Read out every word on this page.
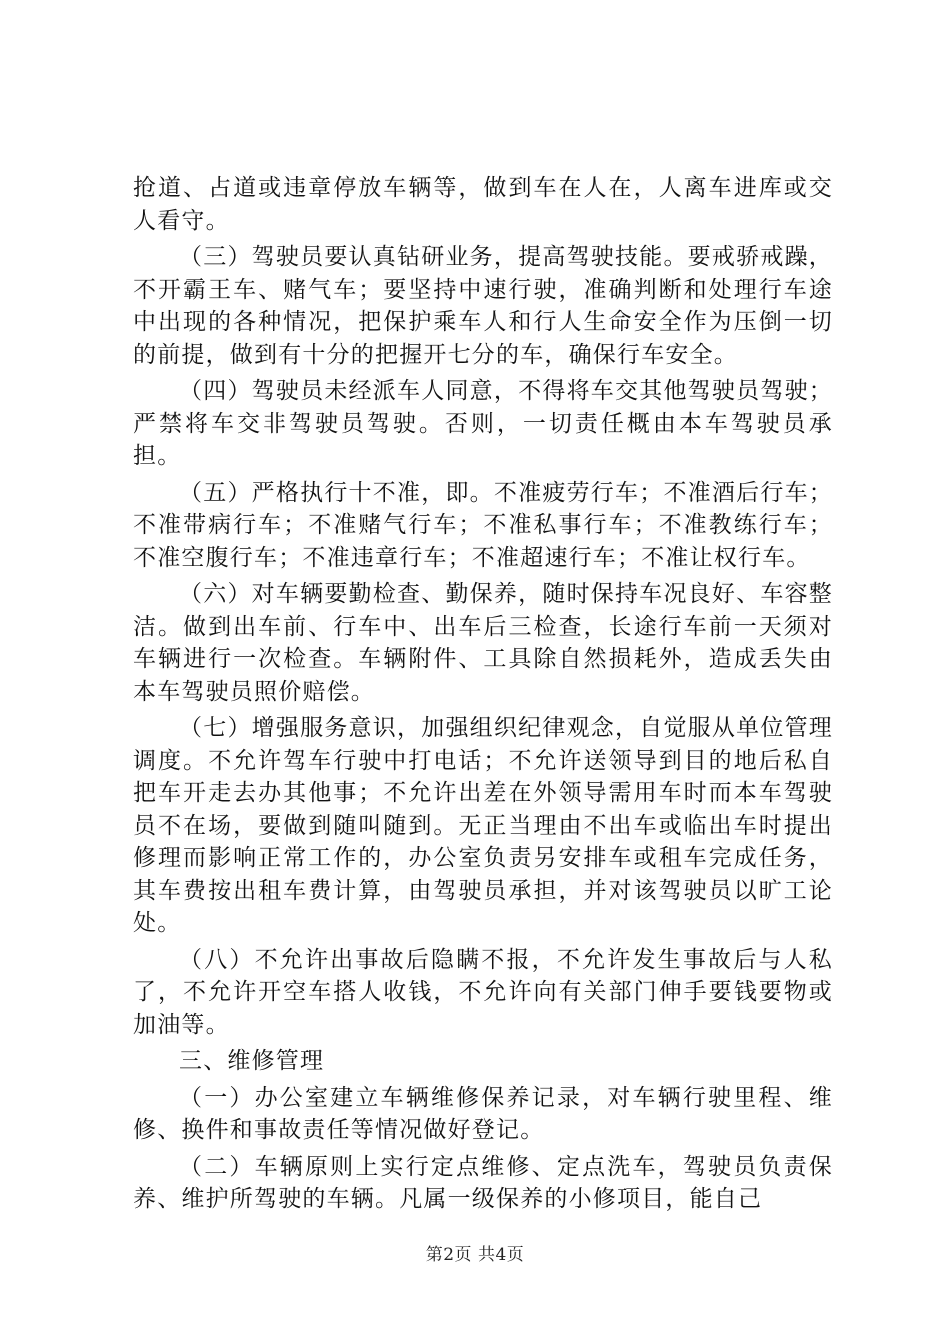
抢道、占道或违章停放车辆等，做到车在人在，人离车进库或交人看守。

（三）驾驶员要认真钻研业务，提高驾驶技能。要戒骄戒躁，不开霸王车、赌气车；要坚持中速行驶，准确判断和处理行车途中出现的各种情况，把保护乘车人和行人生命安全作为压倒一切的前提，做到有十分的把握开七分的车，确保行车安全。

（四）驾驶员未经派车人同意，不得将车交其他驾驶员驾驶；严禁将车交非驾驶员驾驶。否则，一切责任概由本车驾驶员承担。

（五）严格执行十不准，即。不准疲劳行车；不准酒后行车；不准带病行车；不准赌气行车；不准私事行车；不准教练行车；不准空腹行车；不准违章行车；不准超速行车；不准让权行车。

（六）对车辆要勤检查、勤保养，随时保持车况良好、车容整洁。做到出车前、行车中、出车后三检查，长途行车前一天须对车辆进行一次检查。车辆附件、工具除自然损耗外，造成丢失由本车驾驶员照价赔偿。

（七）增强服务意识，加强组织纪律观念，自觉服从单位管理调度。不允许驾车行驶中打电话；不允许送领导到目的地后私自把车开走去办其他事；不允许出差在外领导需用车时而本车驾驶员不在场，要做到随叫随到。无正当理由不出车或临出车时提出修理而影响正常工作的，办公室负责另安排车或租车完成任务，其车费按出租车费计算，由驾驶员承担，并对该驾驶员以旷工论处。

（八）不允许出事故后隐瞒不报，不允许发生事故后与人私了，不允许开空车搭人收钱，不允许向有关部门伸手要钱要物或加油等。

三、维修管理

（一）办公室建立车辆维修保养记录，对车辆行驶里程、维修、换件和事故责任等情况做好登记。

（二）车辆原则上实行定点维修、定点洗车，驾驶员负责保养、维护所驾驶的车辆。凡属一级保养的小修项目，能自己

第2页 共4页
